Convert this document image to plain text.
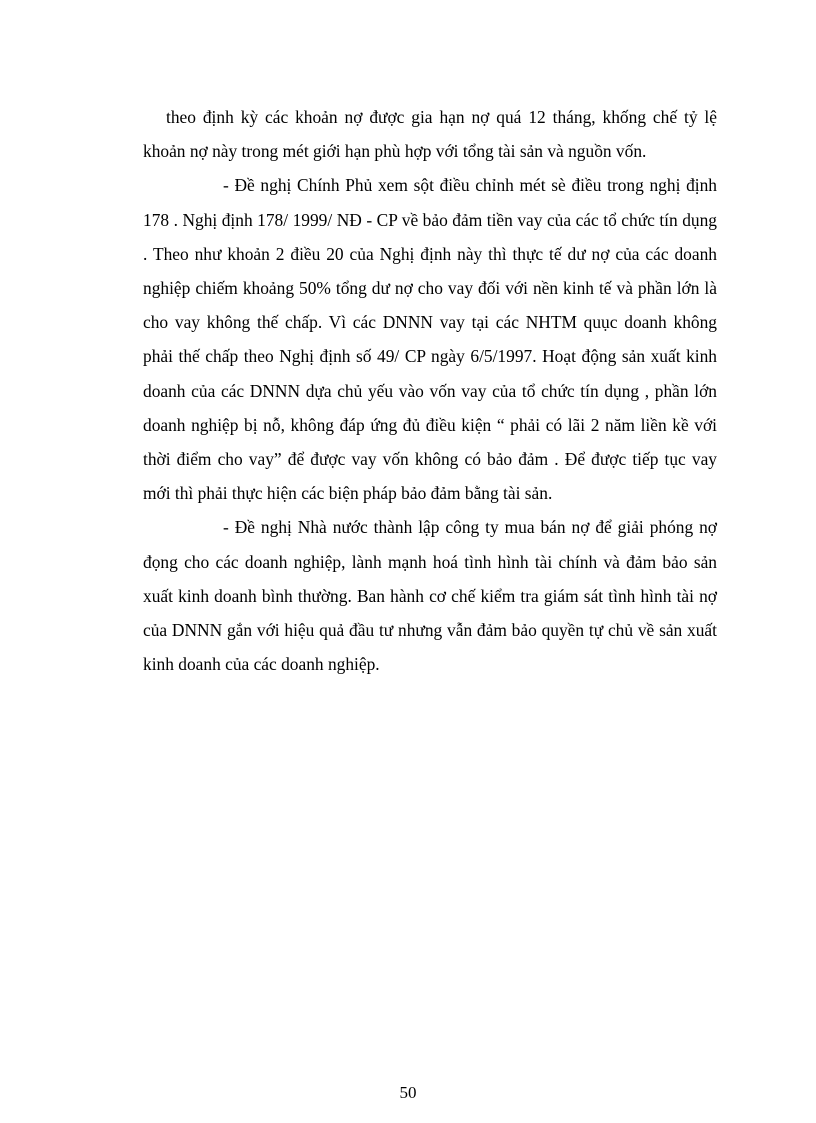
theo định kỳ các khoản nợ được gia hạn nợ quá 12 tháng, khống chế tỷ lệ khoản nợ này trong mét giới hạn phù hợp với tổng tài sản và nguồn vốn.

- Đề nghị Chính Phủ xem sột điều chỉnh mét sè điều trong nghị định 178 . Nghị định 178/ 1999/ NĐ - CP về bảo đảm tiền vay của các tổ chức tín dụng . Theo như khoản 2 điều 20 của Nghị định này thì thực tế dư nợ của các doanh nghiệp chiếm khoảng 50% tổng dư nợ cho vay đối với nền kinh tế và phần lớn là cho vay không thế chấp. Vì các DNNN vay tại các NHTM quục doanh không phải thế chấp theo Nghị định số 49/ CP ngày 6/5/1997. Hoạt động sản xuất kinh doanh của các DNNN dựa chủ yếu vào vốn vay của tổ chức tín dụng , phần lớn doanh nghiệp bị nỗ, không đáp ứng đủ điều kiện “ phải có lãi 2 năm liền kề với thời điểm cho vay” để được vay vốn không có bảo đảm . Để được tiếp tục vay mới thì phải thực hiện các biện pháp bảo đảm bằng tài sản.

- Đề nghị Nhà nước thành lập công ty mua bán nợ để giải phóng nợ đọng cho các doanh nghiệp, lành mạnh hoá tình hình tài chính và đảm bảo sản xuất kinh doanh bình thường. Ban hành cơ chế kiểm tra giám sát tình hình tài nợ của DNNN gắn với hiệu quả đầu tư nhưng vẫn đảm bảo quyền tự chủ về sản xuất kinh doanh của các doanh nghiệp.

50
